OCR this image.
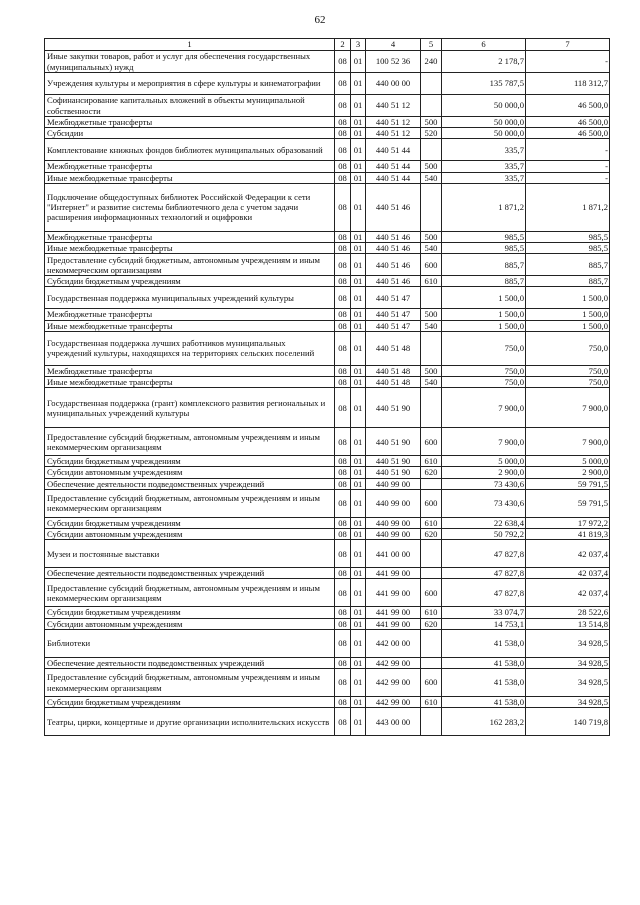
62
1	2	3	4	5	6	7
Иные закупки товаров, работ и услуг для обеспечения государственных (муниципальных) нужд	08	01	100 52 36	240	2 178,7	-
Учреждения культуры и мероприятия в сфере культуры и кинематографии	08	01	440 00 00		135 787,5	118 312,7
Софинансирование капитальных вложений в объекты муниципальной собственности	08	01	440 51 12		50 000,0	46 500,0
Межбюджетные трансферты	08	01	440 51 12	500	50 000,0	46 500,0
Субсидии	08	01	440 51 12	520	50 000,0	46 500,0
Комплектование книжных фондов библиотек муниципальных образований	08	01	440 51 44		335,7	-
Межбюджетные трансферты	08	01	440 51 44	500	335,7	-
Иные межбюджетные трансферты	08	01	440 51 44	540	335,7	-
Подключение общедоступных библиотек Российской Федерации к сети "Интернет" и развитие системы библиотечного дела с учетом задачи расширения информационных технологий и оцифровки	08	01	440 51 46		1 871,2	1 871,2
Межбюджетные трансферты	08	01	440 51 46	500	985,5	985,5
Иные межбюджетные трансферты	08	01	440 51 46	540	985,5	985,5
Предоставление субсидий бюджетным, автономным учреждениям и иным некоммерческим организациям	08	01	440 51 46	600	885,7	885,7
Субсидии бюджетным учреждениям	08	01	440 51 46	610	885,7	885,7
Государственная поддержка муниципальных учреждений культуры	08	01	440 51 47		1 500,0	1 500,0
Межбюджетные трансферты	08	01	440 51 47	500	1 500,0	1 500,0
Иные межбюджетные трансферты	08	01	440 51 47	540	1 500,0	1 500,0
Государственная поддержка лучших работников муниципальных учреждений культуры, находящихся на территориях сельских поселений	08	01	440 51 48		750,0	750,0
Межбюджетные трансферты	08	01	440 51 48	500	750,0	750,0
Иные межбюджетные трансферты	08	01	440 51 48	540	750,0	750,0
Государственная поддержка (грант) комплексного развития региональных и муниципальных учреждений культуры	08	01	440 51 90		7 900,0	7 900,0
Предоставление субсидий бюджетным, автономным учреждениям и иным некоммерческим организациям	08	01	440 51 90	600	7 900,0	7 900,0
Субсидии бюджетным учреждениям	08	01	440 51 90	610	5 000,0	5 000,0
Субсидии автономным учреждениям	08	01	440 51 90	620	2 900,0	2 900,0
Обеспечение деятельности подведомственных учреждений	08	01	440 99 00		73 430,6	59 791,5
Предоставление субсидий бюджетным, автономным учреждениям и иным некоммерческим организациям	08	01	440 99 00	600	73 430,6	59 791,5
Субсидии бюджетным учреждениям	08	01	440 99 00	610	22 638,4	17 972,2
Субсидии автономным учреждениям	08	01	440 99 00	620	50 792,2	41 819,3
Музеи и постоянные выставки	08	01	441 00 00		47 827,8	42 037,4
Обеспечение деятельности подведомственных учреждений	08	01	441 99 00		47 827,8	42 037,4
Предоставление субсидий бюджетным, автономным учреждениям и иным некоммерческим организациям	08	01	441 99 00	600	47 827,8	42 037,4
Субсидии бюджетным учреждениям	08	01	441 99 00	610	33 074,7	28 522,6
Субсидии автономным учреждениям	08	01	441 99 00	620	14 753,1	13 514,8
Библиотеки	08	01	442 00 00		41 538,0	34 928,5
Обеспечение деятельности подведомственных учреждений	08	01	442 99 00		41 538,0	34 928,5
Предоставление субсидий бюджетным, автономным учреждениям и иным некоммерческим организациям	08	01	442 99 00	600	41 538,0	34 928,5
Субсидии бюджетным учреждениям	08	01	442 99 00	610	41 538,0	34 928,5
Театры, цирки, концертные и другие организации исполнительских искусств	08	01	443 00 00		162 283,2	140 719,8
